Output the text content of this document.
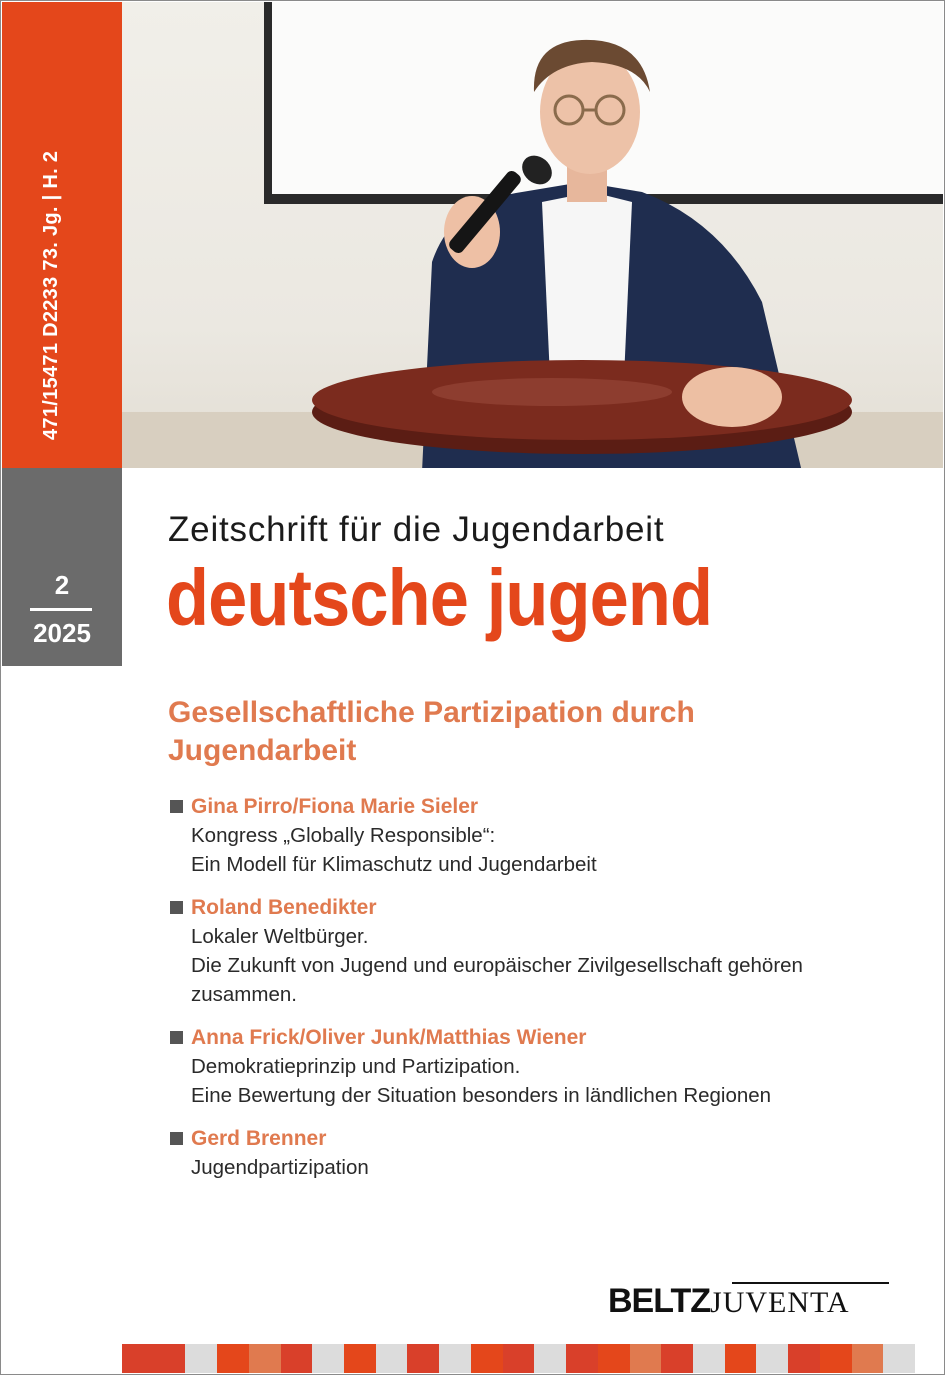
471/15471 D2233 73. Jg. | H. 2
2
2025
Zeitschrift für die Jugendarbeit
deutsche jugend
Gesellschaftliche Partizipation durch
Jugendarbeit
Gina Pirro/Fiona Marie Sieler
Kongress „Globally Responsible“:
Ein Modell für Klimaschutz und Jugendarbeit
Roland Benedikter
Lokaler Weltbürger.
Die Zukunft von Jugend und europäischer Zivilgesellschaft gehören
zusammen.
Anna Frick/Oliver Junk/Matthias Wiener
Demokratieprinzip und Partizipation.
Eine Bewertung der Situation besonders in ländlichen Regionen
Gerd Brenner
Jugendpartizipation
BELTZJUVENTA
